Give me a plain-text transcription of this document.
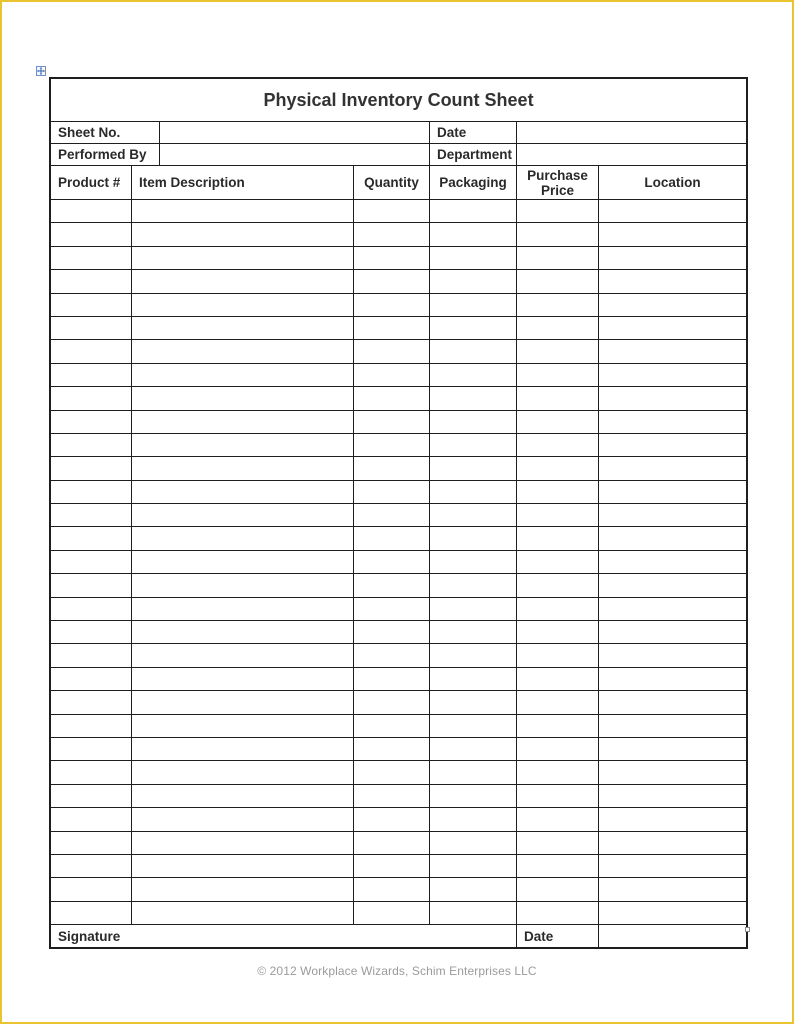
Physical Inventory Count Sheet						
Sheet No.				Date		
Performed By				Department		
Product #	Item Description		Quantity	Packaging	Purchase Price	Location

Signature					Date	
© 2012 Workplace Wizards, Schim Enterprises LLC
